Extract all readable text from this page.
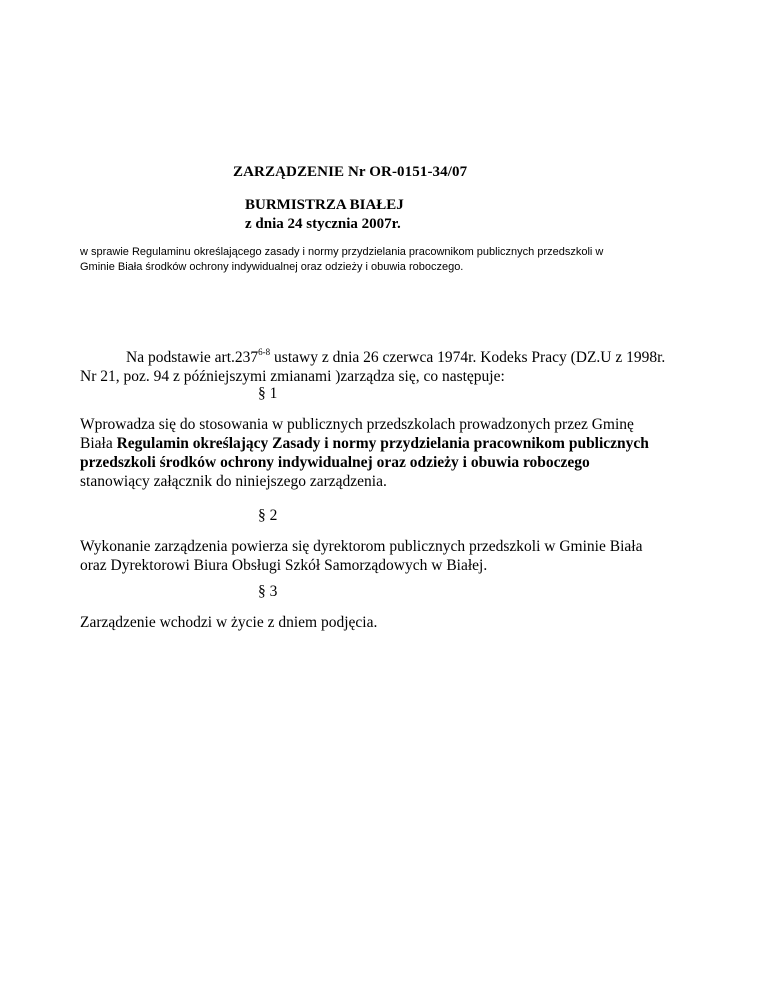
ZARZĄDZENIE Nr OR-0151-34/07
BURMISTRZA BIAŁEJ
z dnia 24 stycznia 2007r.
w sprawie Regulaminu określającego zasady i normy przydzielania pracownikom publicznych przedszkoli w
Gminie Biała środków ochrony indywidualnej oraz odzieży i obuwia roboczego.
Na podstawie art.237$^{6-8}$ ustawy z dnia 26 czerwca 1974r. Kodeks Pracy (DZ.U z 1998r.
Nr 21, poz. 94 z późniejszymi zmianami )zarządza się, co następuje:
§ 1
Wprowadza się do stosowania w publicznych przedszkolach prowadzonych przez Gminę
Biała Regulamin określający Zasady i normy przydzielania pracownikom publicznych
przedszkoli środków ochrony indywidualnej oraz odzieży i obuwia roboczego
stanowiący załącznik do niniejszego zarządzenia.
§ 2
Wykonanie zarządzenia powierza się dyrektorom publicznych przedszkoli w Gminie Biała
oraz Dyrektorowi Biura Obsługi Szkół Samorządowych w Białej.
§ 3
Zarządzenie wchodzi w życie z dniem podjęcia.
